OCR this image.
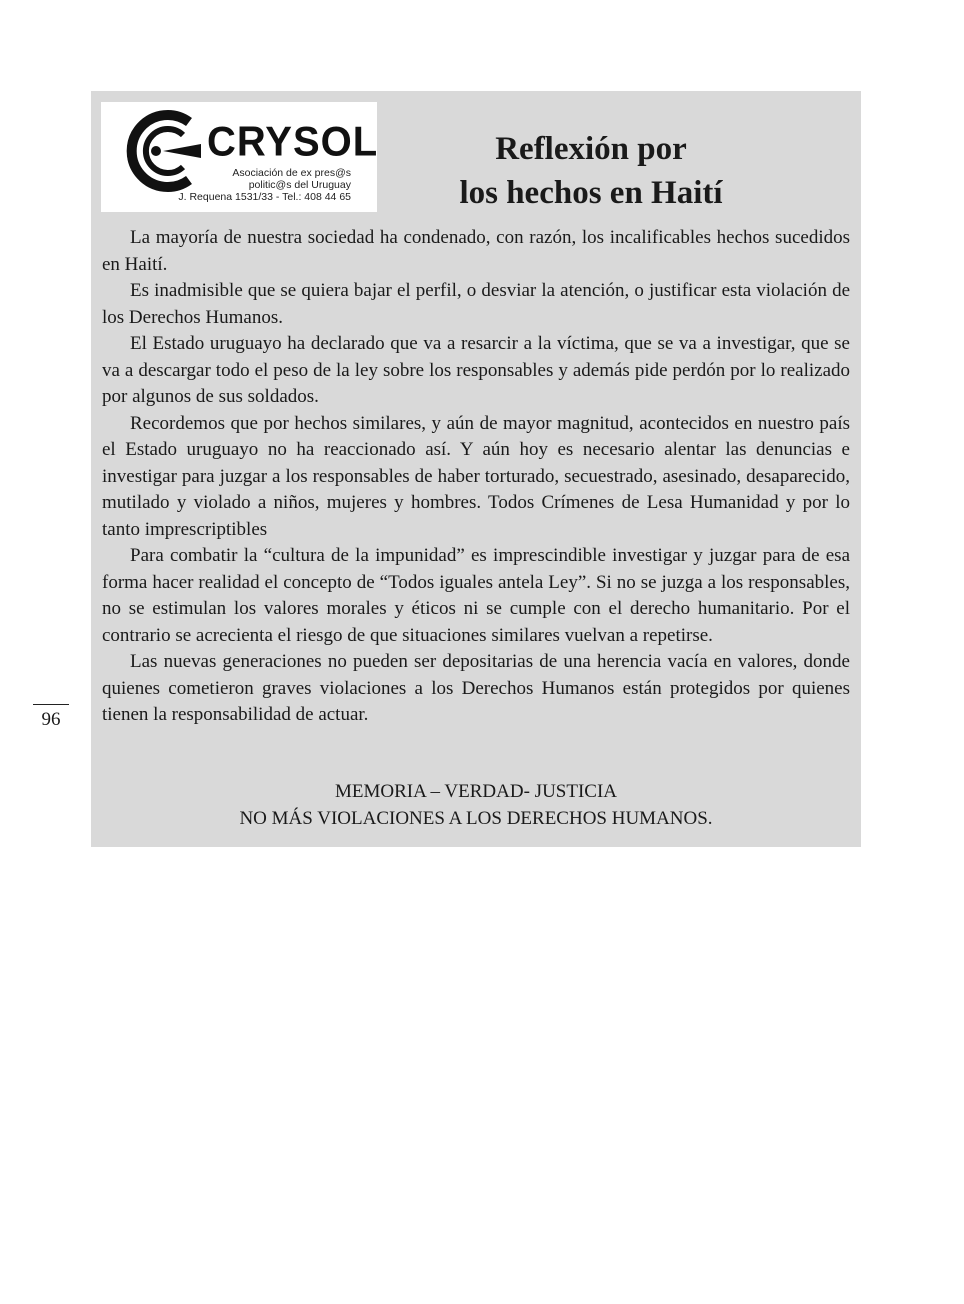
96
CRYSOL
Asociación de ex pres@s
politic@s del Uruguay
J. Requena 1531/33 - Tel.: 408 44 65
Reflexión por
los hechos en Haití

La mayoría de nuestra sociedad ha condenado, con razón, los incalificables hechos sucedidos en Haití.

Es inadmisible que se quiera bajar el perfil, o desviar la atención, o justificar esta violación de los Derechos Humanos.

El Estado uruguayo ha declarado que va a resarcir a la víctima, que se va a investigar, que se va a descargar todo el peso de la ley sobre los responsables y además pide perdón por lo realizado por algunos de sus soldados.

Recordemos que por hechos similares, y aún de mayor magnitud, acontecidos en nuestro país el Estado uruguayo no ha reaccionado así. Y aún hoy es necesario alentar las denuncias e investigar para juzgar a los responsables de haber torturado, secuestrado, asesinado, desaparecido, mutilado y violado a niños, mujeres y hombres. Todos Crímenes de Lesa Humanidad y por lo tanto imprescriptibles

Para combatir la “cultura de la impunidad” es imprescindible investigar y juzgar para de esa forma hacer realidad el concepto de “Todos iguales antela Ley”. Si no se juzga a los responsables, no se estimulan los valores morales y éticos ni se cumple con el derecho humanitario. Por el contrario se acrecienta el riesgo de que situaciones similares vuelvan a repetirse.

Las nuevas generaciones no pueden ser depositarias de una herencia vacía en valores, donde quienes cometieron graves violaciones a los Derechos Humanos están protegidos por quienes tienen la responsabilidad de actuar.

MEMORIA – VERDAD- JUSTICIA
NO MÁS VIOLACIONES A LOS DERECHOS HUMANOS.
